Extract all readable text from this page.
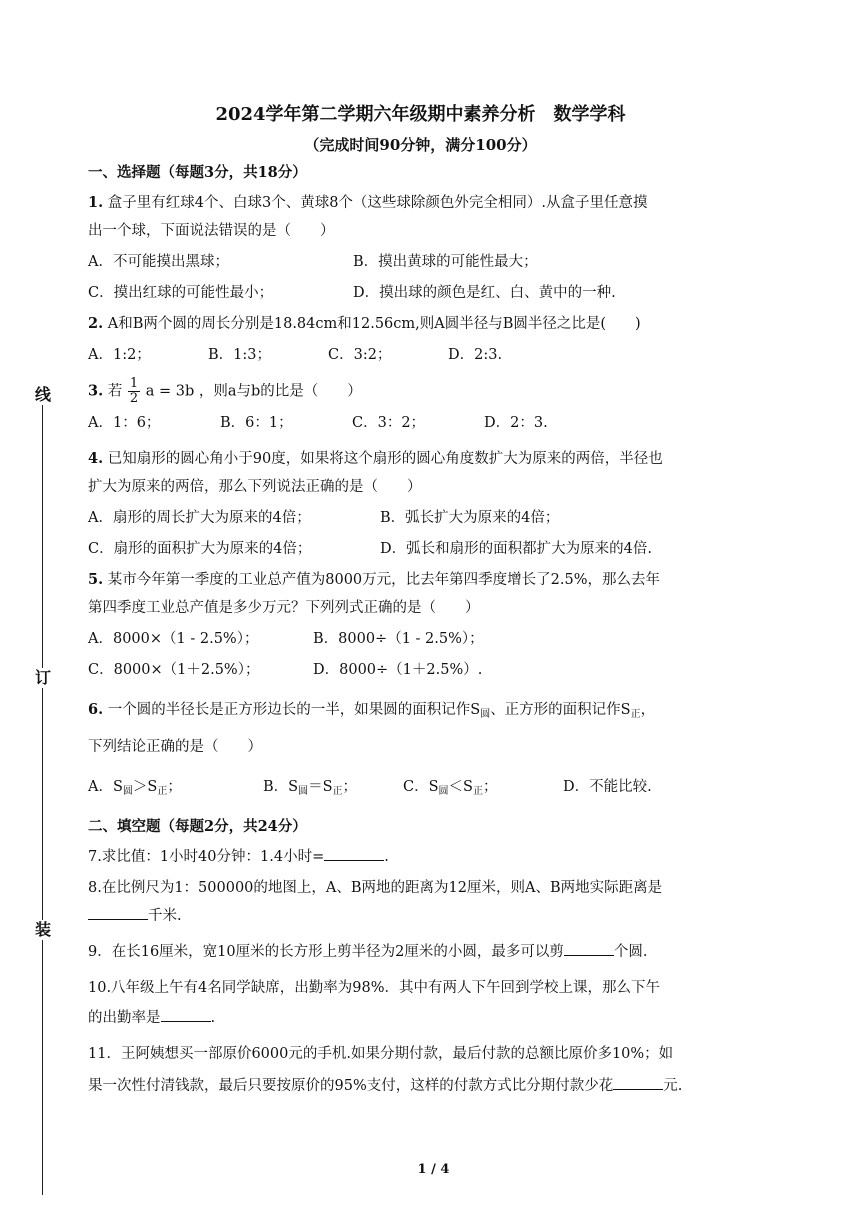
线
订
装
2024学年第二学期六年级期中素养分析　数学学科
（完成时间90分钟，满分100分）
一、选择题（每题3分，共18分）
1. 盒子里有红球4个、白球3个、黄球8个（这些球除颜色外完全相同）.从盒子里任意摸
出一个球，下面说法错误的是（　　）
A．不可能摸出黑球；	B．摸出黄球的可能性最大；
C．摸出红球的可能性最小；	D．摸出球的颜色是红、白、黄中的一种.
2. A和B两个圆的周长分别是18.84cm和12.56cm,则A圆半径与B圆半径之比是(　　)
A．1:2；	B．1:3；	C．3:2；	D．2:3.
3. 若 $\frac{1}{2}$ a = 3b ，则a与b的比是（　　）
A．1：6；	B．6：1；	C．3：2；	D．2：3.
4. 已知扇形的圆心角小于90度，如果将这个扇形的圆心角度数扩大为原来的两倍，半径也
扩大为原来的两倍，那么下列说法正确的是（　　）
A．扇形的周长扩大为原来的4倍；	B．弧长扩大为原来的4倍；
C．扇形的面积扩大为原来的4倍；	D．弧长和扇形的面积都扩大为原来的4倍.
5. 某市今年第一季度的工业总产值为8000万元，比去年第四季度增长了2.5%，那么去年
第四季度工业总产值是多少万元？下列列式正确的是（　　）
A．8000×（1 - 2.5%）；	B．8000÷（1 - 2.5%）；
C．8000×（1＋2.5%）；	D．8000÷（1＋2.5%）.
6. 一个圆的半径长是正方形边长的一半，如果圆的面积记作$S_圆$、正方形的面积记作$S_正$，
下列结论正确的是（　　）
A．$S_圆>S_正$；	B．$S_圆=S_正$；	C．$S_圆<S_正$；	D．不能比较.
二、填空题（每题2分，共24分）
7.求比值：1小时40分钟：1.4小时=	.
8.在比例尺为1：500000的地图上，A、B两地的距离为12厘米，则A、B两地实际距离是
千米.
9．在长16厘米，宽10厘米的长方形上剪半径为2厘米的小圆，最多可以剪	个圆.
10.八年级上午有4名同学缺席，出勤率为98%．其中有两人下午回到学校上课，那么下午
的出勤率是	.
11．王阿姨想买一部原价6000元的手机.如果分期付款，最后付款的总额比原价多10%；如
果一次性付清钱款，最后只要按原价的95%支付，这样的付款方式比分期付款少花	元.
1 / 4
